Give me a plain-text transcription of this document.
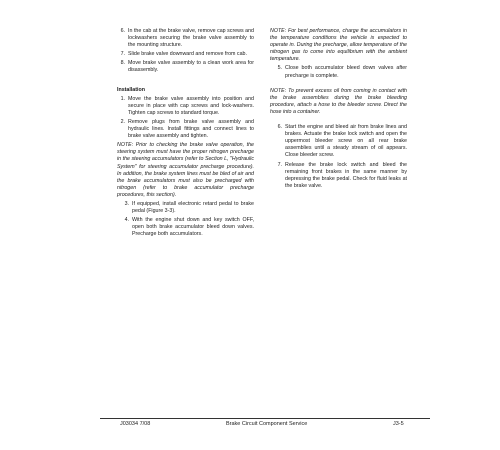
6. In the cab at the brake valve, remove cap screws and lockwashers securing the brake valve assembly to the mounting structure.
7. Slide brake valve downward and remove from cab.
8. Move brake valve assembly to a clean work area for disassembly.
Installation
1. Move the brake valve assembly into position and secure in place with cap screws and lock-washers. Tighten cap screws to standard torque.
2. Remove plugs from brake valve assembly and hydraulic lines. Install fittings and connect lines to brake valve assembly and tighten.
NOTE: Prior to checking the brake valve operation, the steering system must have the proper nitrogen precharge in the steering accumulators (refer to Section L, "Hydraulic System" for steering accumulator precharge procedure). In addition, the brake system lines must be bled of air and the brake accumulators must also be precharged with nitrogen (refer to brake accumulator precharge procedures, this section).
3. If equipped, install electronic retard pedal to brake pedal (Figure 3-3).
4. With the engine shut down and key switch OFF, open both brake accumulator bleed down valves. Precharge both accumulators.
NOTE: For best performance, charge the accumulators in the temperature conditions the vehicle is expected to operate in. During the precharge, allow temperature of the nitrogen gas to come into equilibrium with the ambient temperature.
5. Close both accumulator bleed down valves after precharge is complete.
NOTE: To prevent excess oil from coming in contact with the brake assemblies during the brake bleeding procedure, attach a hose to the bleeder screw. Direct the hose into a container.
6. Start the engine and bleed air from brake lines and brakes. Actuate the brake lock switch and open the uppermost bleeder screw on all rear brake assemblies until a steady stream of oil appears. Close bleeder screw.
7. Release the brake lock switch and bleed the remaining front brakes in the same manner by depressing the brake pedal. Check for fluid leaks at the brake valve.
J03034 7/08	Brake Circuit Component Service	J3-5
